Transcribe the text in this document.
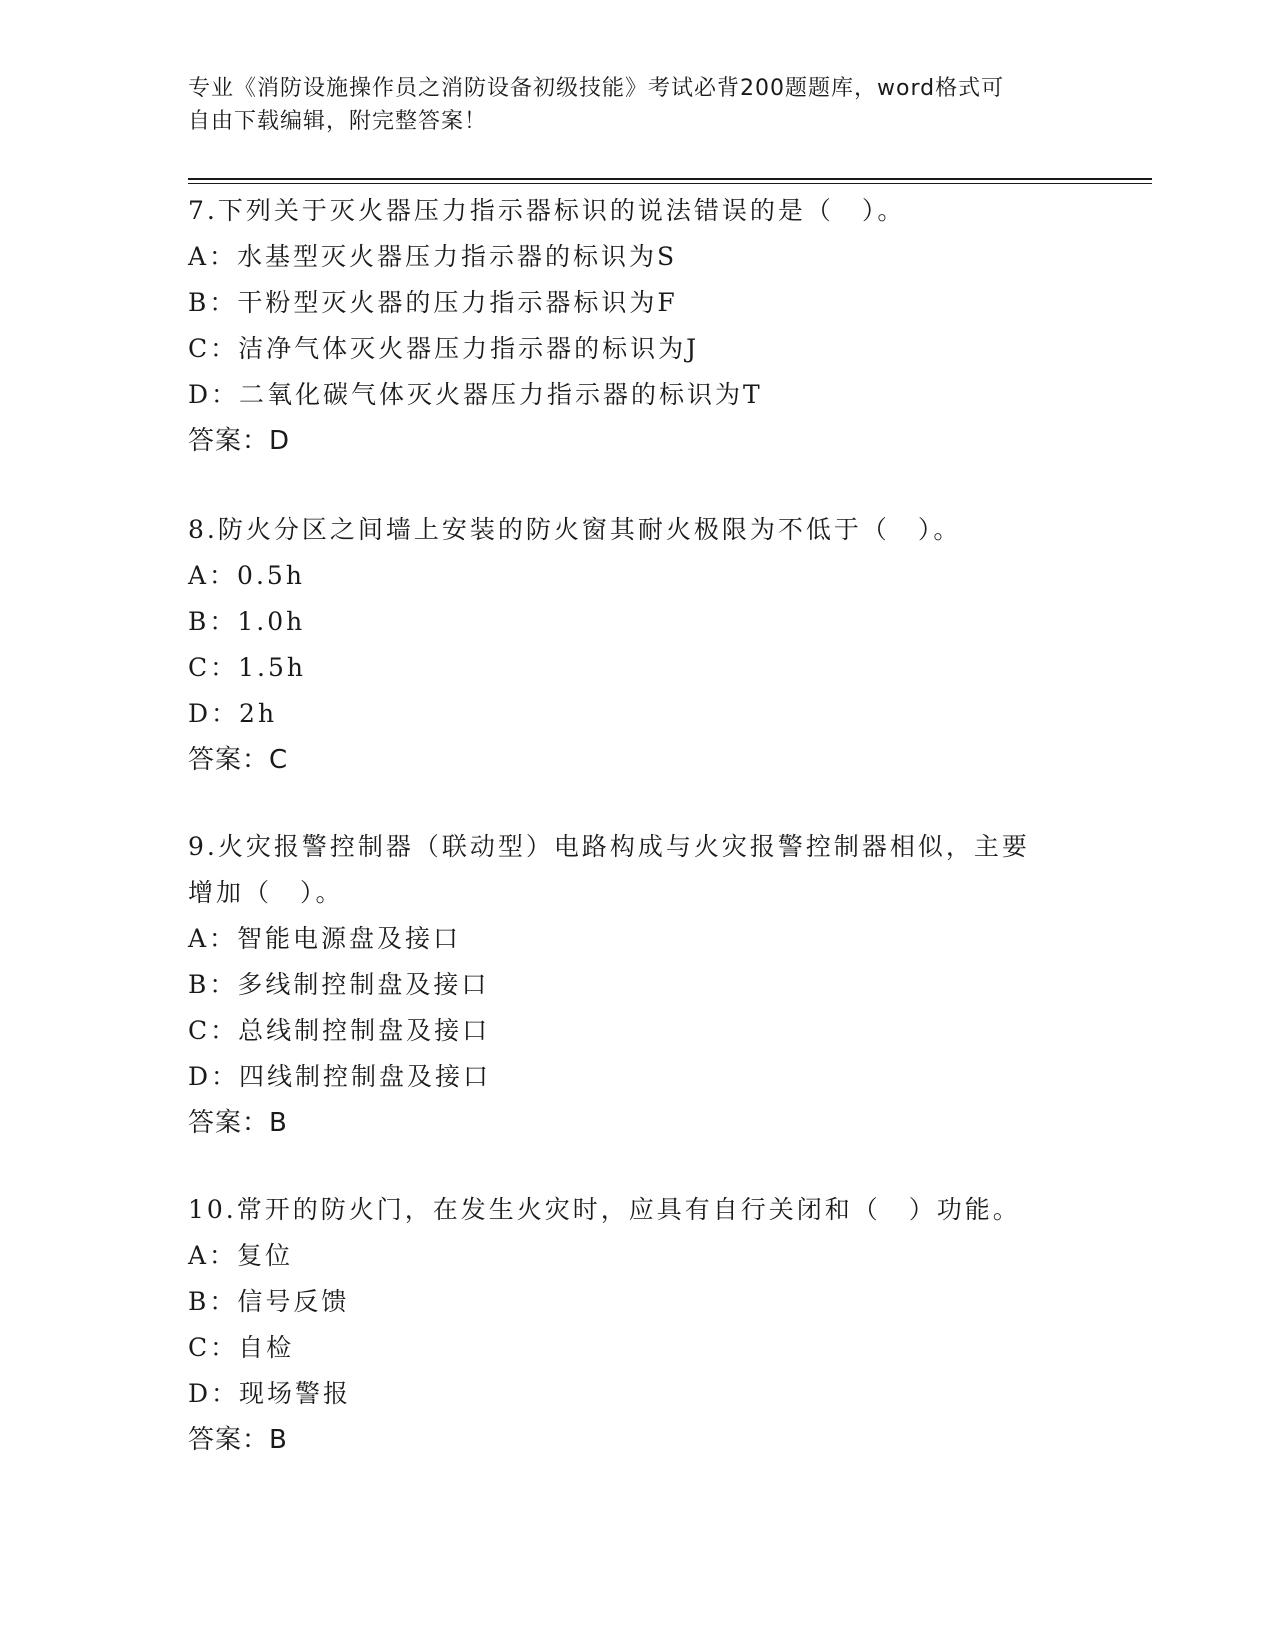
专业《消防设施操作员之消防设备初级技能》考试必背200题题库，word格式可
自由下载编辑，附完整答案！
7.下列关于灭火器压力指示器标识的说法错误的是（　）。
A：水基型灭火器压力指示器的标识为S
B：干粉型灭火器的压力指示器标识为F
C：洁净气体灭火器压力指示器的标识为J
D：二氧化碳气体灭火器压力指示器的标识为T
答案：D
8.防火分区之间墙上安装的防火窗其耐火极限为不低于（　）。
A：0.5h
B：1.0h
C：1.5h
D：2h
答案：C
9.火灾报警控制器（联动型）电路构成与火灾报警控制器相似，主要
增加（　）。
A：智能电源盘及接口
B：多线制控制盘及接口
C：总线制控制盘及接口
D：四线制控制盘及接口
答案：B
10.常开的防火门，在发生火灾时，应具有自行关闭和（　）功能。
A：复位
B：信号反馈
C：自检
D：现场警报
答案：B
